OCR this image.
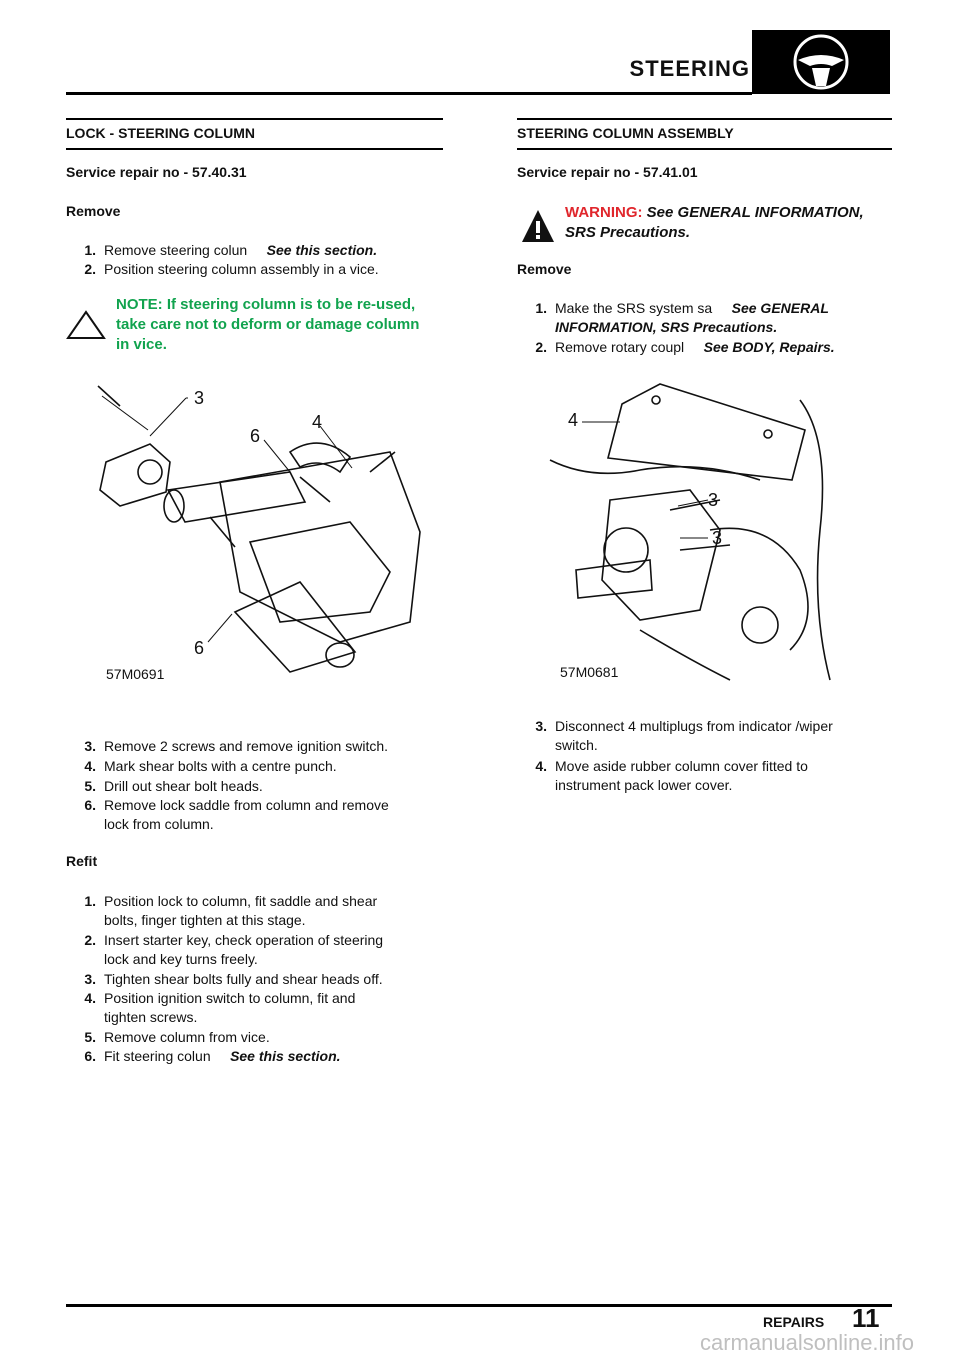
STEERING
LOCK - STEERING COLUMN
Service repair no - 57.40.31
Remove
1. Remove steering colun See this section.
2. Position steering column assembly in a vice.
NOTE: If steering column is to be re-used,
take care not to deform or damage column
in vice.
3
6
4
6
57M0691
3. Remove 2 screws and remove ignition switch.
4. Mark shear bolts with a centre punch.
5. Drill out shear bolt heads.
6. Remove lock saddle from column and remove
lock from column.
Refit
1. Position lock to column, fit saddle and shear
bolts, finger tighten at this stage.
2. Insert starter key, check operation of steering
lock and key turns freely.
3. Tighten shear bolts fully and shear heads off.
4. Position ignition switch to column, fit and
tighten screws.
5. Remove column from vice.
6. Fit steering colun See this section.
STEERING COLUMN ASSEMBLY
Service repair no - 57.41.01
WARNING: See GENERAL INFORMATION,
SRS Precautions.
Remove
1. Make the SRS system sa See GENERAL
INFORMATION, SRS Precautions.
2. Remove rotary coupl See BODY, Repairs.
4
3
3
57M0681
3. Disconnect 4 multiplugs from indicator /wiper
switch.
4. Move aside rubber column cover fitted to
instrument pack lower cover.
REPAIRS 11
carmanualsonline.info
